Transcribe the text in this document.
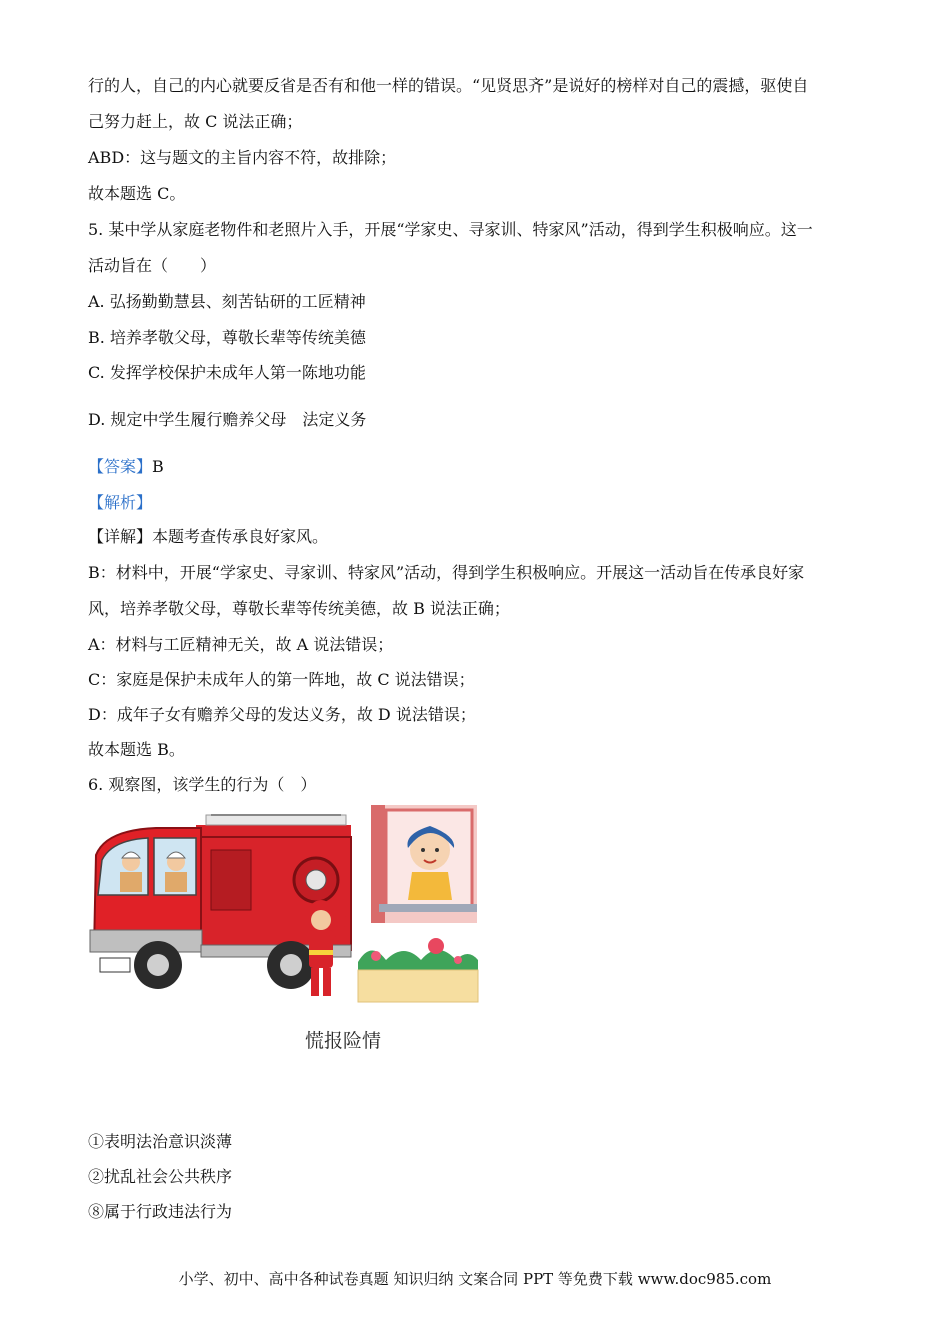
行的人，自己的内心就要反省是否有和他一样的错误。“见贤思齐”是说好的榜样对自己的震撼，驱使自
己努力赶上，故 C 说法正确；
ABD：这与题文的主旨内容不符，故排除；
故本题选 C。
5. 某中学从家庭老物件和老照片入手，开展“学家史、寻家训、特家风”活动，得到学生积极响应。这一
活动旨在（　　）
A. 弘扬勤勤慧县、刻苦钻研的工匠精神
B. 培养孝敬父母，尊敬长辈等传统美德
C. 发挥学校保护未成年人第一陈地功能
D. 规定中学生履行赡养父母　法定义务
【答案】B
【解析】
【详解】本题考查传承良好家风。
B：材料中，开展“学家史、寻家训、特家风”活动，得到学生积极响应。开展这一活动旨在传承良好家
风，培养孝敬父母，尊敬长辈等传统美德，故 B 说法正确；
A：材料与工匠精神无关，故 A 说法错误；
C：家庭是保护未成年人的第一阵地，故 C 说法错误；
D：成年子女有赡养父母的发达义务，故 D 说法错误；
故本题选 B。
6. 观察图，该学生的行为（　）
慌报险情
①表明法治意识淡薄
②扰乱社会公共秩序
⑧属于行政违法行为
小学、初中、高中各种试卷真题 知识归纳 文案合同 PPT 等免费下载 www.doc985.com
